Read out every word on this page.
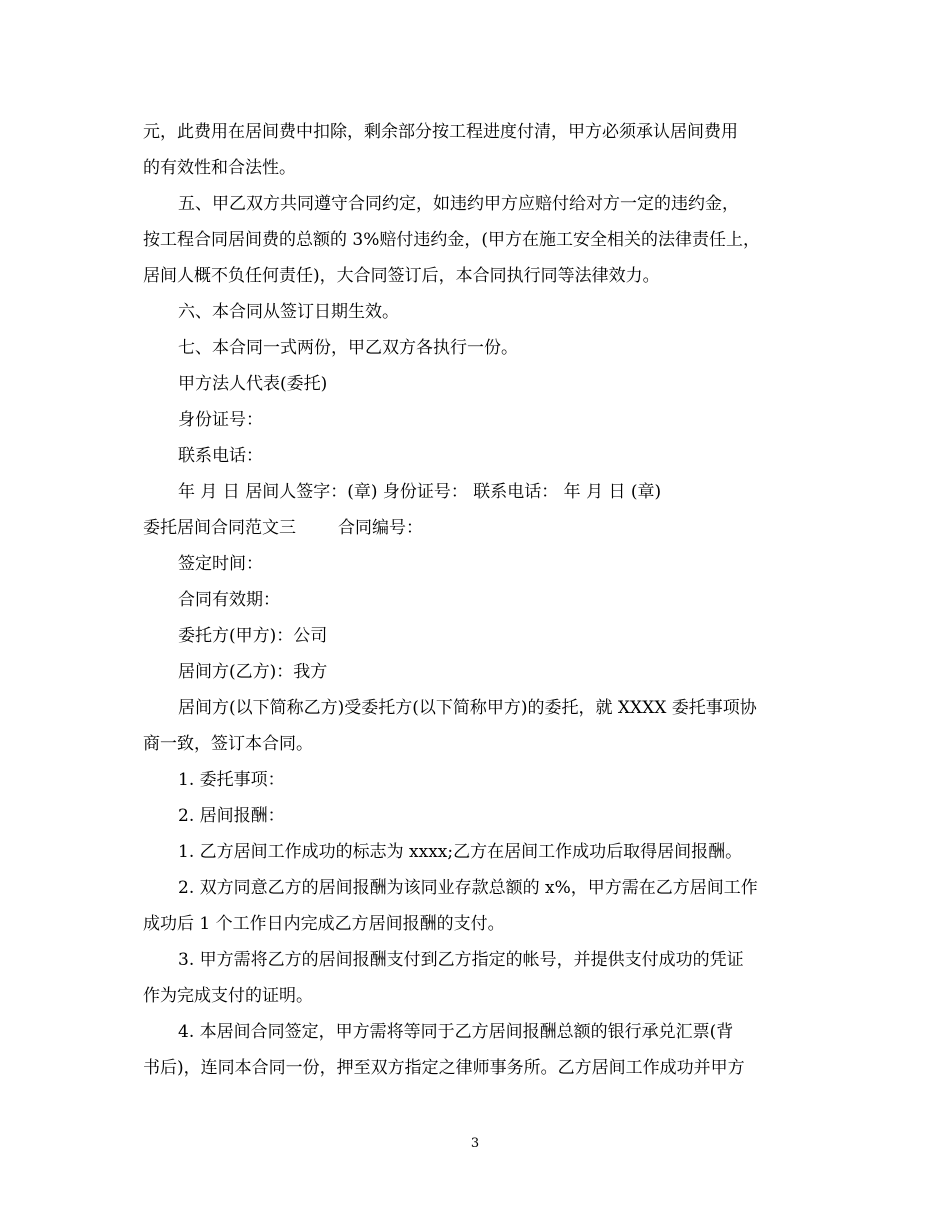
元，此费用在居间费中扣除，剩余部分按工程进度付清，甲方必须承认居间费用
的有效性和合法性。
五、甲乙双方共同遵守合同约定，如违约甲方应赔付给对方一定的违约金，
按工程合同居间费的总额的 3%赔付违约金，(甲方在施工安全相关的法律责任上，
居间人概不负任何责任)，大合同签订后，本合同执行同等法律效力。
六、本合同从签订日期生效。
七、本合同一式两份，甲乙双方各执行一份。
甲方法人代表(委托)
身份证号：
联系电话：
年 月 日 居间人签字：(章) 身份证号： 联系电话： 年 月 日 (章)
委托居间合同范文三 合同编号：
签定时间：
合同有效期：
委托方(甲方)：公司
居间方(乙方)：我方
居间方(以下简称乙方)受委托方(以下简称甲方)的委托，就 XXXX 委托事项协
商一致，签订本合同。
1. 委托事项：
2. 居间报酬：
1. 乙方居间工作成功的标志为 xxxx;乙方在居间工作成功后取得居间报酬。
2. 双方同意乙方的居间报酬为该同业存款总额的 x%，甲方需在乙方居间工作
成功后 1 个工作日内完成乙方居间报酬的支付。
3. 甲方需将乙方的居间报酬支付到乙方指定的帐号，并提供支付成功的凭证
作为完成支付的证明。
4. 本居间合同签定，甲方需将等同于乙方居间报酬总额的银行承兑汇票(背
书后)，连同本合同一份，押至双方指定之律师事务所。乙方居间工作成功并甲方
3
